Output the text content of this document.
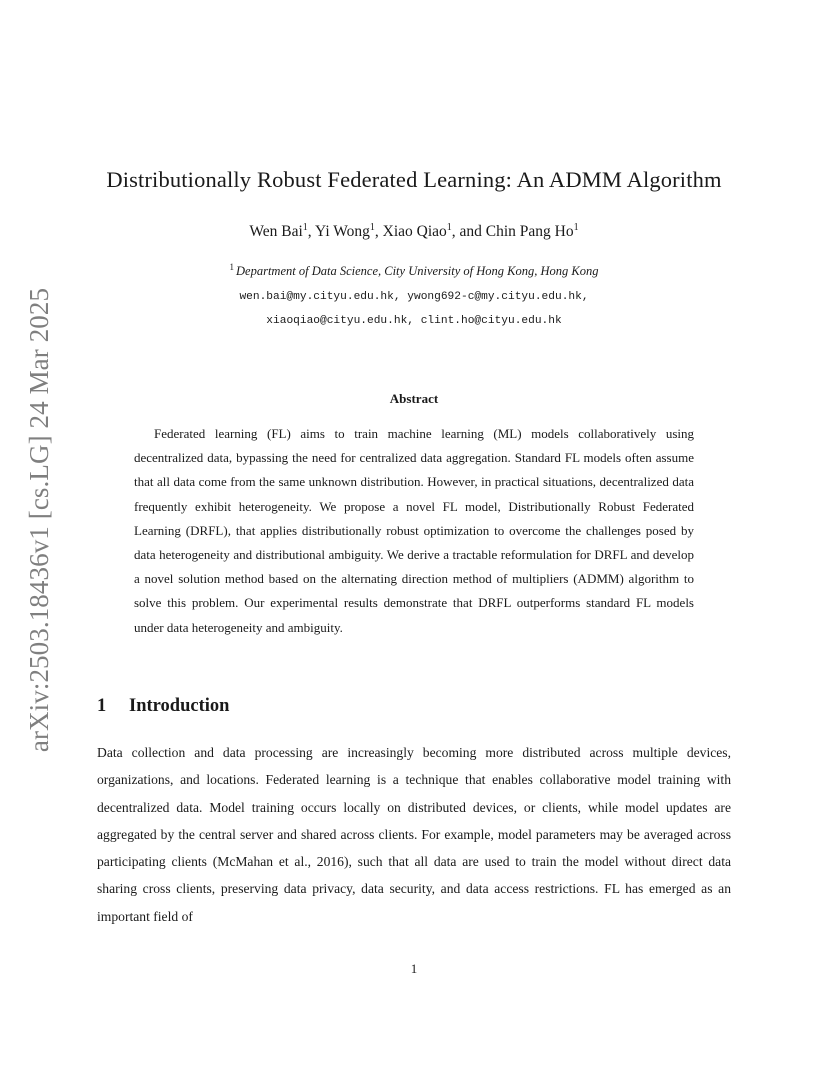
arXiv:2503.18436v1 [cs.LG] 24 Mar 2025
Distributionally Robust Federated Learning: An ADMM Algorithm
Wen Bai$^1$, Yi Wong$^1$, Xiao Qiao$^1$, and Chin Pang Ho$^1$
$^1$ Department of Data Science, City University of Hong Kong, Hong Kong
wen.bai@my.cityu.edu.hk, ywong692-c@my.cityu.edu.hk,
xiaoqiao@cityu.edu.hk, clint.ho@cityu.edu.hk
Abstract
Federated learning (FL) aims to train machine learning (ML) models collaboratively using decentralized data, bypassing the need for centralized data aggregation. Standard FL models often assume that all data come from the same unknown distribution. However, in practical situations, decentralized data frequently exhibit heterogeneity. We propose a novel FL model, Distributionally Robust Federated Learning (DRFL), that applies distributionally robust optimization to overcome the challenges posed by data heterogeneity and distributional ambiguity. We derive a tractable reformulation for DRFL and develop a novel solution method based on the alternating direction method of multipliers (ADMM) algorithm to solve this problem. Our experimental results demonstrate that DRFL outperforms standard FL models under data heterogeneity and ambiguity.
1 Introduction
Data collection and data processing are increasingly becoming more distributed across multiple devices, organizations, and locations. Federated learning is a technique that enables collaborative model training with decentralized data. Model training occurs locally on distributed devices, or clients, while model updates are aggregated by the central server and shared across clients. For example, model parameters may be averaged across participating clients (McMahan et al., 2016), such that all data are used to train the model without direct data sharing cross clients, preserving data privacy, data security, and data access restrictions. FL has emerged as an important field of
1
